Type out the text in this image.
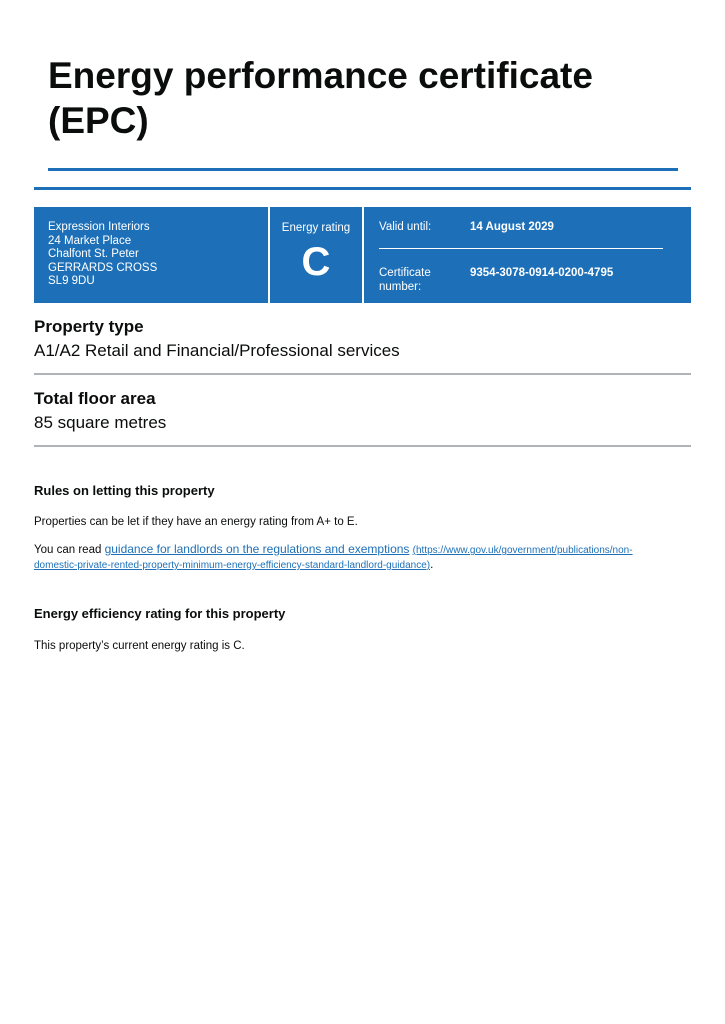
Energy performance certificate (EPC)
Expression Interiors
24 Market Place
Chalfont St. Peter
GERRARDS CROSS
SL9 9DU
Energy rating
C
Valid until:	14 August 2029
Certificate number:
9354-3078-0914-0200-4795
Property type

A1/A2 Retail and Financial/Professional services

Total floor area

85 square metres

Rules on letting this property

Properties can be let if they have an energy rating from A+ to E.

You can read guidance for landlords on the regulations and exemptions (https://www.gov.uk/government/publications/non-domestic-private-rented-property-minimum-energy-efficiency-standard-landlord-guidance).

Energy efficiency rating for this property

This property’s current energy rating is C.
